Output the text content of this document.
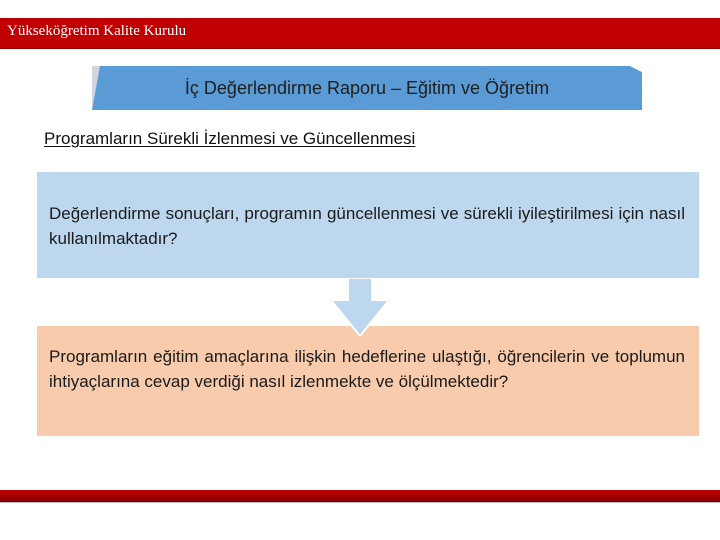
Yükseköğretim Kalite Kurulu
İç Değerlendirme Raporu – Eğitim ve Öğretim
Programların Sürekli İzlenmesi ve Güncellenmesi
Değerlendirme sonuçları, programın güncellenmesi ve sürekli iyileştirilmesi için nasıl kullanılmaktadır?
Programların eğitim amaçlarına ilişkin hedeflerine ulaştığı, öğrencilerin ve toplumun ihtiyaçlarına cevap verdiği nasıl izlenmekte ve ölçülmektedir?
